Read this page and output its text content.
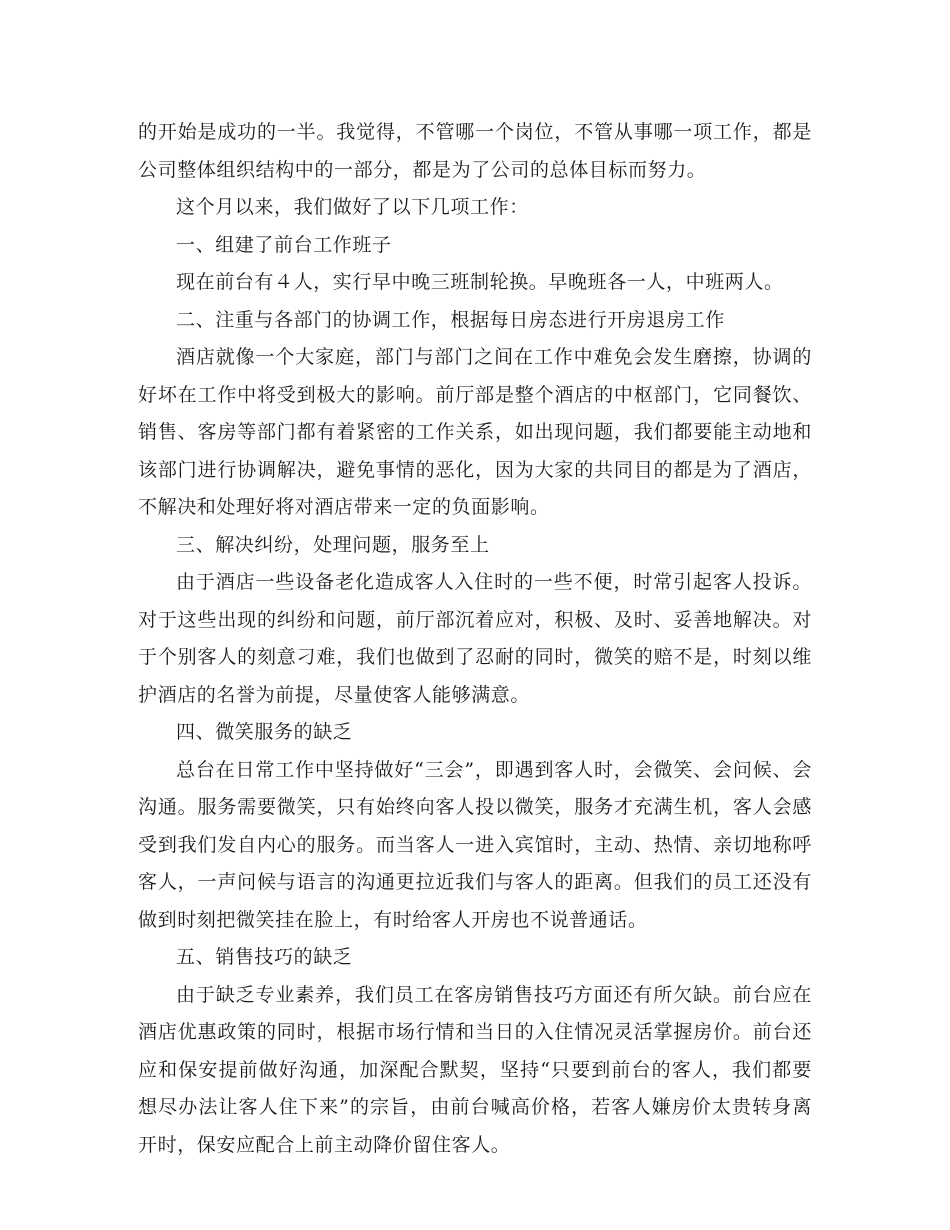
的开始是成功的一半。我觉得，不管哪一个岗位，不管从事哪一项工作，都是公司整体组织结构中的一部分，都是为了公司的总体目标而努力。

这个月以来，我们做好了以下几项工作：

一、组建了前台工作班子

现在前台有４人，实行早中晚三班制轮换。早晚班各一人，中班两人。

二、注重与各部门的协调工作，根据每日房态进行开房退房工作

酒店就像一个大家庭，部门与部门之间在工作中难免会发生磨擦，协调的好坏在工作中将受到极大的影响。前厅部是整个酒店的中枢部门，它同餐饮、销售、客房等部门都有着紧密的工作关系，如出现问题，我们都要能主动地和该部门进行协调解决，避免事情的恶化，因为大家的共同目的都是为了酒店，不解决和处理好将对酒店带来一定的负面影响。

三、解决纠纷，处理问题，服务至上

由于酒店一些设备老化造成客人入住时的一些不便，时常引起客人投诉。对于这些出现的纠纷和问题，前厅部沉着应对，积极、及时、妥善地解决。对于个别客人的刻意刁难，我们也做到了忍耐的同时，微笑的赔不是，时刻以维护酒店的名誉为前提，尽量使客人能够满意。

四、微笑服务的缺乏

总台在日常工作中坚持做好“三会”，即遇到客人时，会微笑、会问候、会沟通。服务需要微笑，只有始终向客人投以微笑，服务才充满生机，客人会感受到我们发自内心的服务。而当客人一进入宾馆时，主动、热情、亲切地称呼客人，一声问候与语言的沟通更拉近我们与客人的距离。但我们的员工还没有做到时刻把微笑挂在脸上，有时给客人开房也不说普通话。

五、销售技巧的缺乏

由于缺乏专业素养，我们员工在客房销售技巧方面还有所欠缺。前台应在酒店优惠政策的同时，根据市场行情和当日的入住情况灵活掌握房价。前台还应和保安提前做好沟通，加深配合默契，坚持“只要到前台的客人，我们都要想尽办法让客人住下来”的宗旨，由前台喊高价格，若客人嫌房价太贵转身离开时，保安应配合上前主动降价留住客人。
